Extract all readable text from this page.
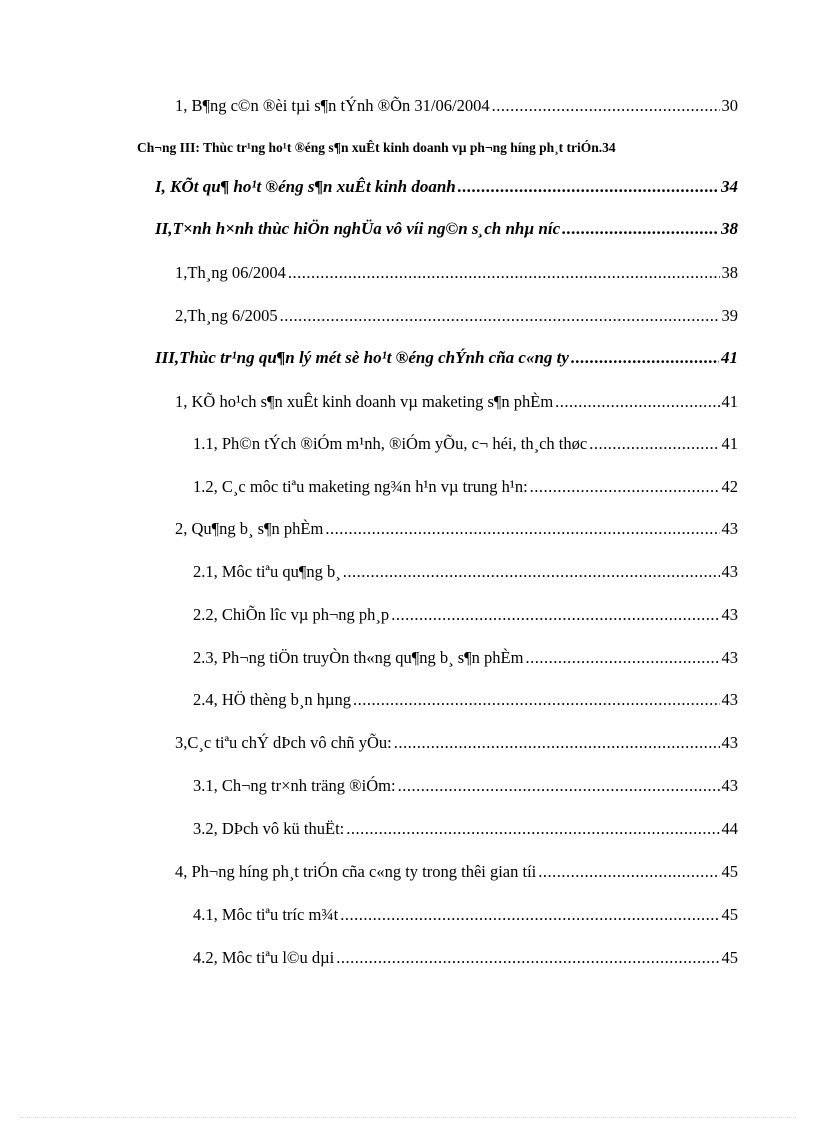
1, B¶ng c©n ®èi tµi s¶n tÝnh ®Õn 31/06/2004 .....	30
Ch¬ng III: Thùc tr¹ng ho¹t ®éng s¶n xuÊt kinh doanh vµ ph¬ng híng ph¸t triÓn .34
I, KÕt qu¶ ho¹t ®éng s¶n xuÊt kinh doanh .....	34
II,T×nh h×nh thùc hiÖn nghÜa vô víi ng©n s¸ch nhµ níc .....	38
1,Th¸ng 06/2004 .....	38
2,Th¸ng 6/2005 .....	39
III,Thùc tr¹ng qu¶n lý mét sè ho¹t ®éng chÝnh cña c«ng ty .....	41
1, KÕ ho¹ch s¶n xuÊt kinh doanh vµ maketing s¶n phÈm .....	41
1.1, Ph©n tÝch ®iÓm m¹nh, ®iÓm yÕu, c¬ héi, th¸ch thøc .....	41
1.2, C¸c môc tiªu maketing ng¾n h¹n vµ trung h¹n: .....	42
2, Qu¶ng b¸ s¶n phÈm .....	43
2.1, Môc tiªu qu¶ng b¸ .....	43
2.2, ChiÕn lîc vµ ph¬ng ph¸p .....	43
2.3, Ph¬ng tiÖn truyÒn th«ng qu¶ng b¸ s¶n phÈm .....	43
2.4, HÖ thèng b¸n hµng .....	43
3,C¸c tiªu chÝ dÞch vô chñ yÕu: .....	43
3.1, Ch¬ng tr×nh träng ®iÓm: .....	43
3.2, DÞch vô kü thuËt: .....	44
4, Ph¬ng híng ph¸t triÓn cña c«ng ty trong thêi gian tíi .....	45
4.1, Môc tiªu tríc m¾t .....	45
4.2, Môc tiªu l©u dµi .....	45
